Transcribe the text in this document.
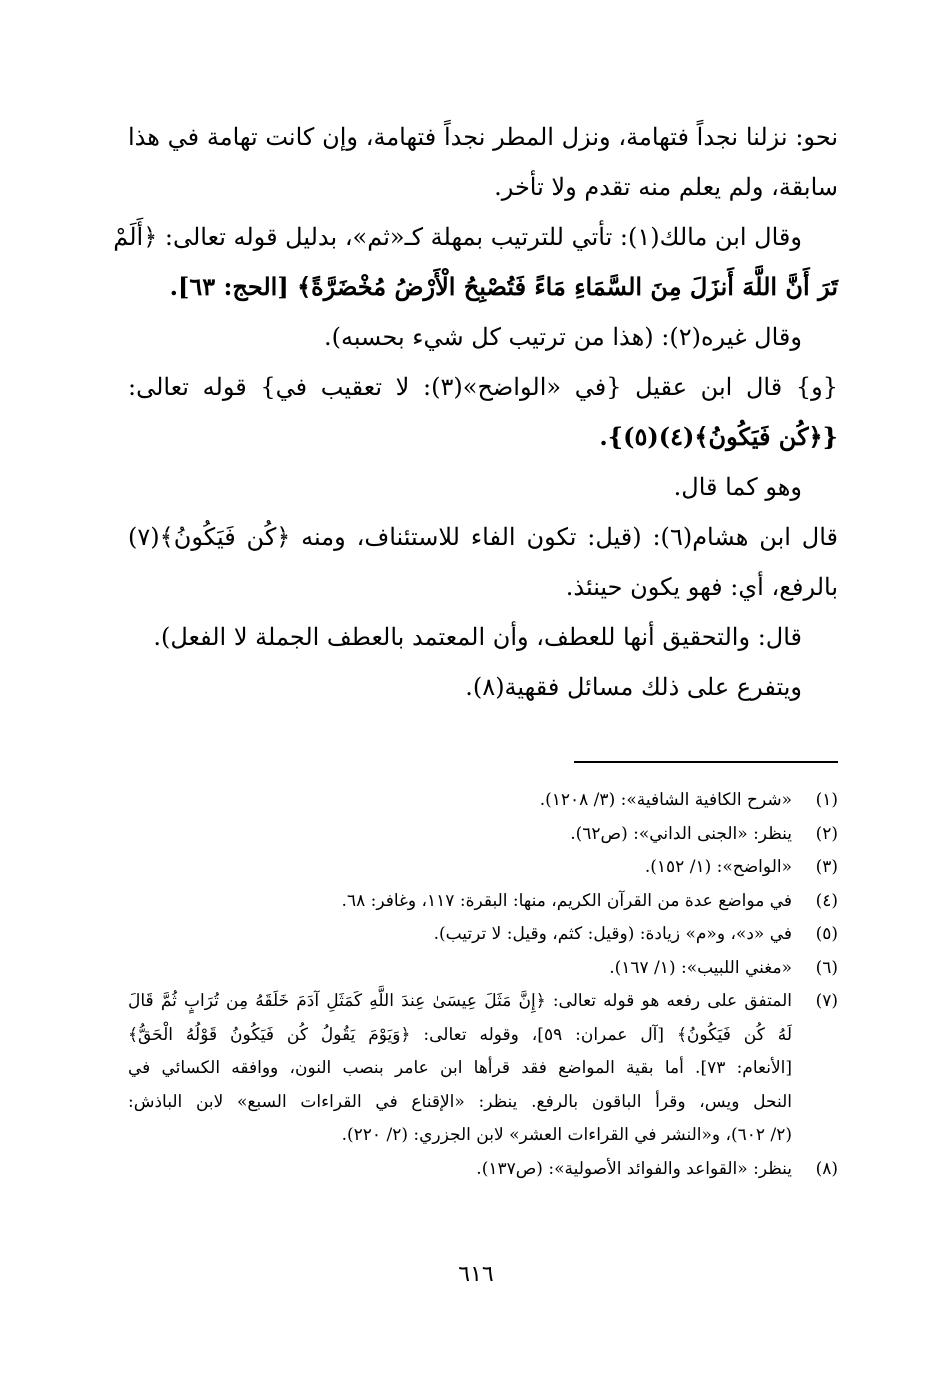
نحو: نزلنا نجداً فتهامة، ونزل المطر نجداً فتهامة، وإن كانت تهامة في هذا

سابقة، ولم يعلم منه تقدم ولا تأخر.

وقال ابن مالك(١): تأتي للترتيب بمهلة كـ«ثم»، بدليل قوله تعالى: ﴿أَلَمْ

تَرَ أَنَّ اللَّهَ أَنزَلَ مِنَ السَّمَاءِ مَاءً فَتُصْبِحُ الْأَرْضُ مُخْضَرَّةً﴾ [الحج: ٦٣].

وقال غيره(٢): (هذا من ترتيب كل شيء بحسبه).

{و} قال ابن عقيل {في «الواضح»(٣): لا تعقيب في} قوله تعالى:

{﴿كُن فَيَكُونُ﴾(٤)(٥)}.

وهو كما قال.

قال ابن هشام(٦): (قيل: تكون الفاء للاستئناف، ومنه ﴿كُن فَيَكُونُ﴾(٧)

بالرفع، أي: فهو يكون حينئذ.

قال: والتحقيق أنها للعطف، وأن المعتمد بالعطف الجملة لا الفعل).

ويتفرع على ذلك مسائل فقهية(٨).

(١)
«شرح الكافية الشافية»: (٣/ ١٢٠٨).
(٢)
ينظر: «الجنى الداني»: (ص٦٢).
(٣)
«الواضح»: (١/ ١٥٢).
(٤)
في مواضع عدة من القرآن الكريم، منها: البقرة: ١١٧، وغافر: ٦٨.
(٥)
في «د»، و«م» زيادة: (وقيل: كثم، وقيل: لا ترتيب).
(٦)
«مغني اللبيب»: (١/ ١٦٧).
(٧)
المتفق على رفعه هو قوله تعالى: ﴿إِنَّ مَثَلَ عِيسَىٰ عِندَ اللَّهِ كَمَثَلِ آدَمَ خَلَقَهُ مِن تُرَابٍ ثُمَّ قَالَ
لَهُ كُن فَيَكُونُ﴾ [آل عمران: ٥٩]، وقوله تعالى: ﴿وَيَوْمَ يَقُولُ كُن فَيَكُونُ قَوْلُهُ الْحَقُّ﴾
[الأنعام: ٧٣]. أما بقية المواضع فقد قرأها ابن عامر بنصب النون، ووافقه الكسائي في
النحل ويس، وقرأ الباقون بالرفع. ينظر: «الإقناع في القراءات السبع» لابن الباذش:
(٢/ ٦٠٢)، و«النشر في القراءات العشر» لابن الجزري: (٢/ ٢٢٠).
(٨)
ينظر: «القواعد والفوائد الأصولية»: (ص١٣٧).
٦١٦
